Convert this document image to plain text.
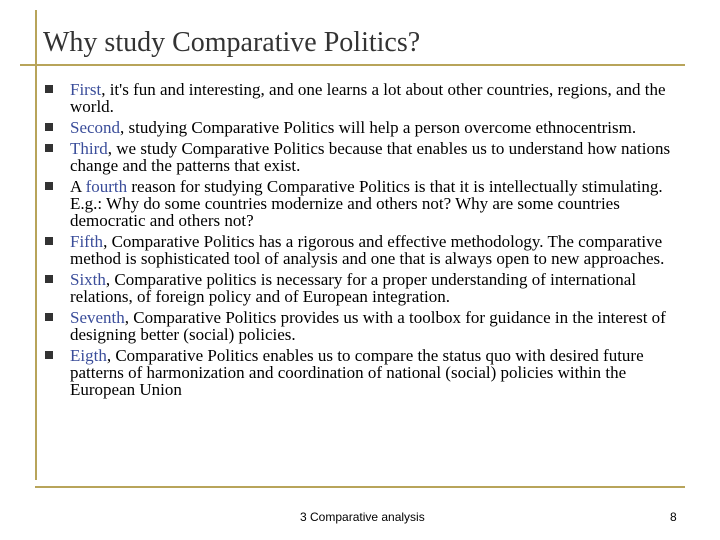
Why study Comparative Politics?
First, it's fun and interesting, and one learns a lot about other countries, regions, and the world.
Second, studying Comparative Politics will help a person overcome ethnocentrism.
Third, we study Comparative Politics because that enables us to understand how nations change and the patterns that exist.
A fourth reason for studying Comparative Politics is that it is intellectually stimulating. E.g.: Why do some countries modernize and others not? Why are some countries democratic and others not?
Fifth, Comparative Politics has a rigorous and effective methodology. The comparative method is sophisticated tool of analysis and one that is always open to new approaches.
Sixth, Comparative politics is necessary for a proper understanding of international relations, of foreign policy and of European integration.
Seventh, Comparative Politics provides us with a toolbox for guidance in the interest of designing better (social) policies.
Eigth, Comparative Politics enables us to compare the status quo with desired future patterns of harmonization and coordination of national (social) policies within the European Union
3 Comparative analysis	8
